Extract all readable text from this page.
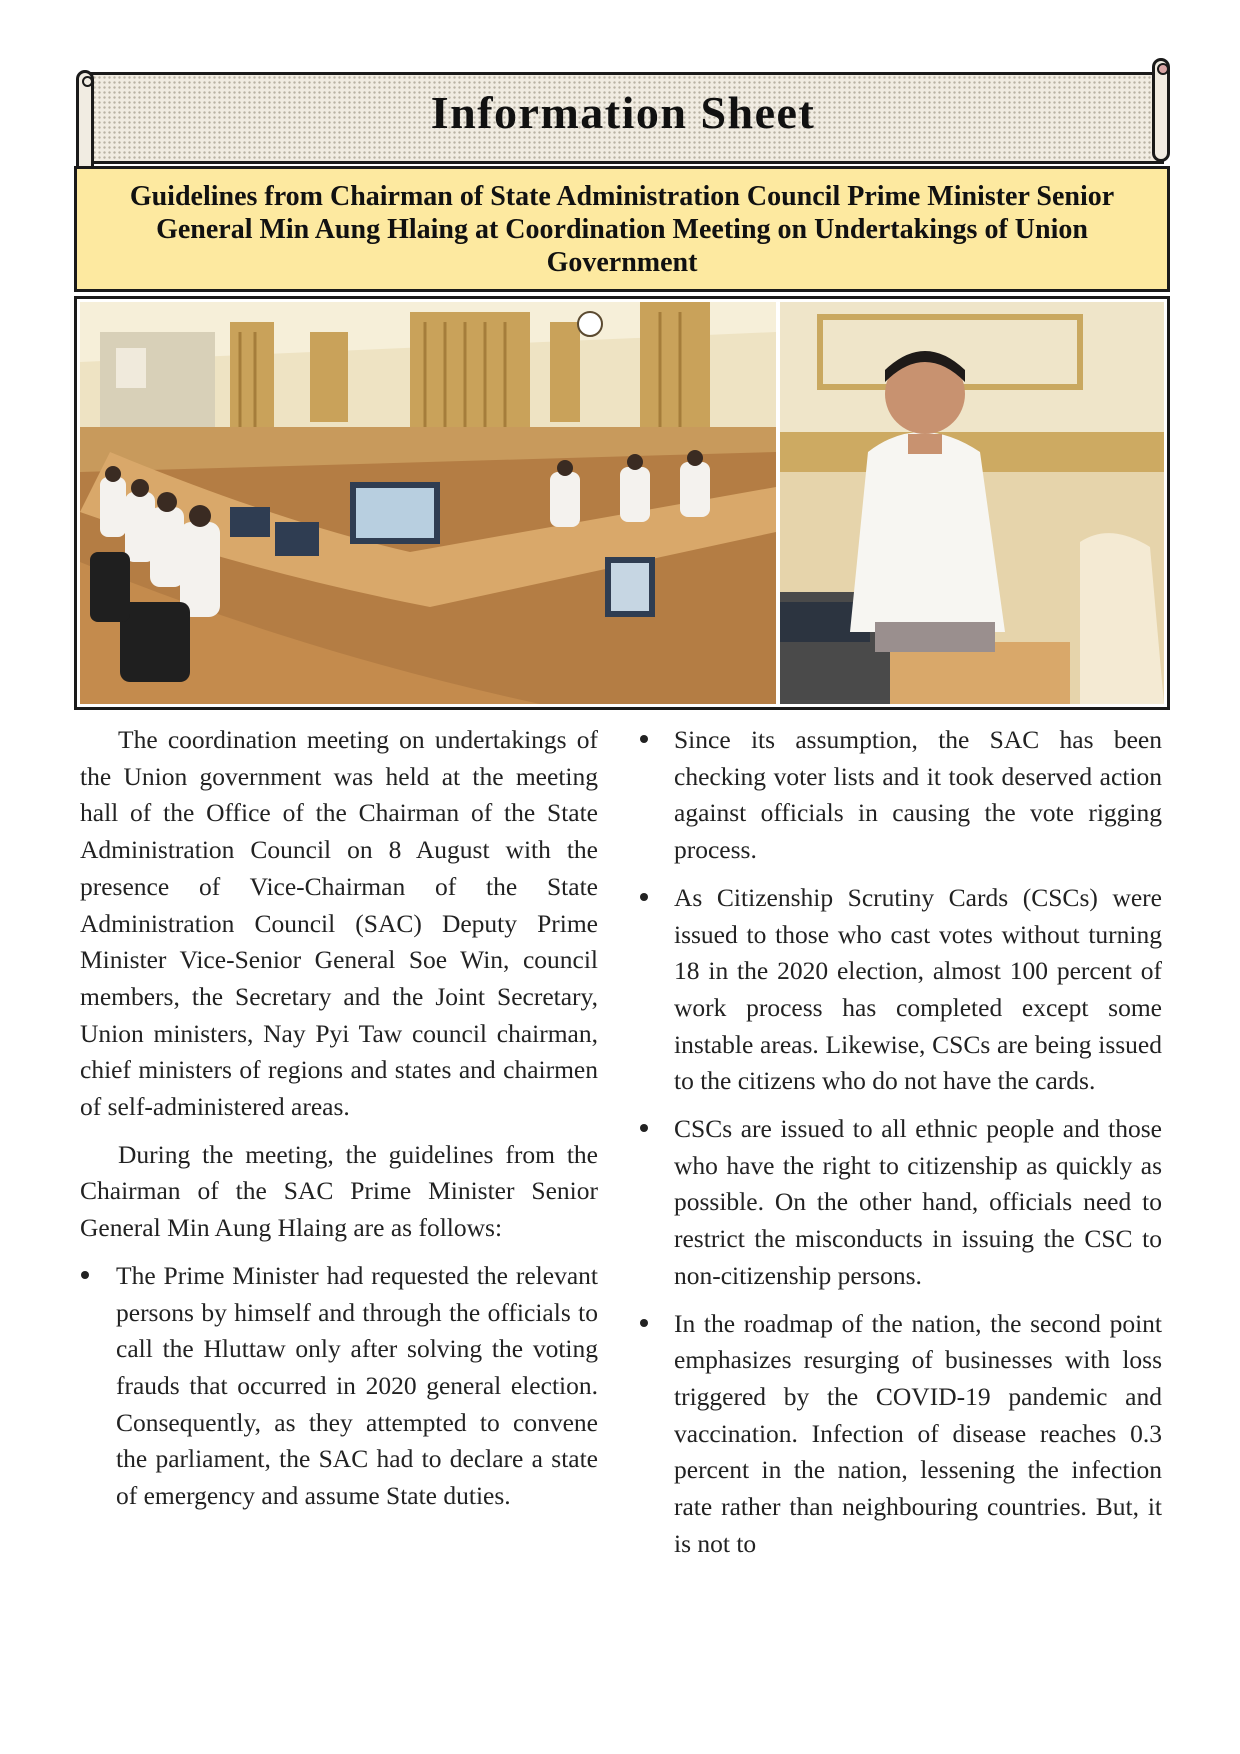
Information Sheet
Guidelines from Chairman of State Administration Council Prime Minister Senior General Min Aung Hlaing at Coordination Meeting on Undertakings of Union Government

The coordination meeting on undertakings of the Union government was held at the meeting hall of the Office of the Chairman of the State Administration Council on 8 August with the presence of Vice-Chairman of the State Administration Council (SAC) Deputy Prime Minister Vice-Senior General Soe Win, council members, the Secretary and the Joint Secretary, Union ministers, Nay Pyi Taw council chairman, chief ministers of regions and states and chairmen of self-administered areas.

During the meeting, the guidelines from the Chairman of the SAC Prime Minister Senior General Min Aung Hlaing are as follows:

The Prime Minister had requested the relevant persons by himself and through the officials to call the Hluttaw only after solving the voting frauds that occurred in 2020 general election. Consequently, as they attempted to convene the parliament, the SAC had to declare a state of emergency and assume State duties.
Since its assumption, the SAC has been checking voter lists and it took deserved action against officials in causing the vote rigging process.
As Citizenship Scrutiny Cards (CSCs) were issued to those who cast votes without turning 18 in the 2020 election, almost 100 percent of work process has completed except some instable areas. Likewise, CSCs are being issued to the citizens who do not have the cards.
CSCs are issued to all ethnic people and those who have the right to citizenship as quickly as possible. On the other hand, officials need to restrict the misconducts in issuing the CSC to non-citizenship persons.
In the roadmap of the nation, the second point emphasizes resurging of businesses with loss triggered by the COVID-19 pandemic and vaccination. Infection of disease reaches 0.3 percent in the nation, lessening the infection rate rather than neighbouring countries. But, it is not to
